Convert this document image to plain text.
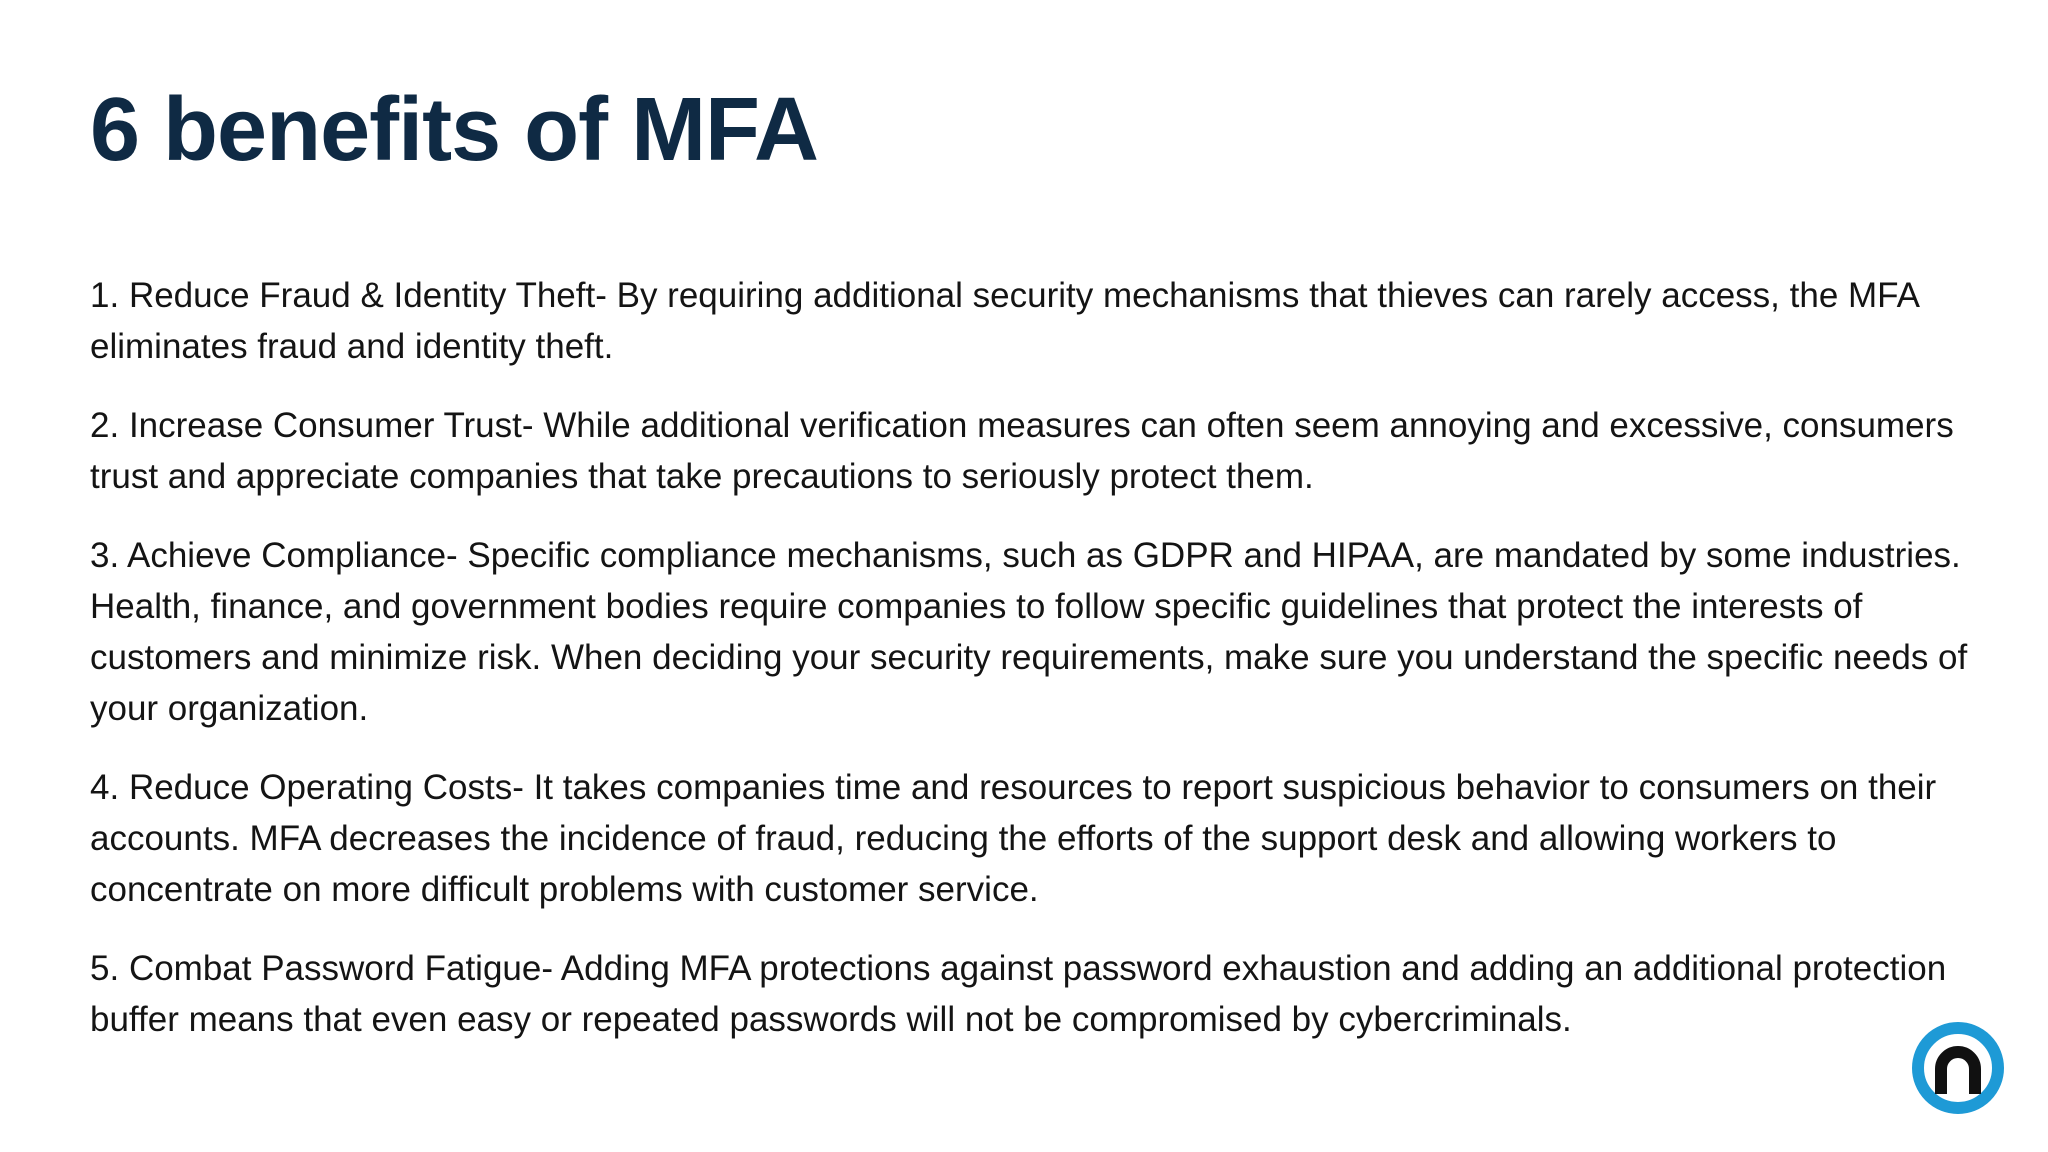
6 benefits of MFA
1. Reduce Fraud & Identity Theft- By requiring additional security mechanisms that thieves can rarely access, the MFA eliminates fraud and identity theft.
2. Increase Consumer Trust- While additional verification measures can often seem annoying and excessive, consumers trust and appreciate companies that take precautions to seriously protect them.
3. Achieve Compliance- Specific compliance mechanisms, such as GDPR and HIPAA, are mandated by some industries. Health, finance, and government bodies require companies to follow specific guidelines that protect the interests of customers and minimize risk. When deciding your security requirements, make sure you understand the specific needs of your organization.
4. Reduce Operating Costs- It takes companies time and resources to report suspicious behavior to consumers on their accounts. MFA decreases the incidence of fraud, reducing the efforts of the support desk and allowing workers to concentrate on more difficult problems with customer service.
5. Combat Password Fatigue- Adding MFA protections against password exhaustion and adding an additional protection buffer means that even easy or repeated passwords will not be compromised by cybercriminals.
